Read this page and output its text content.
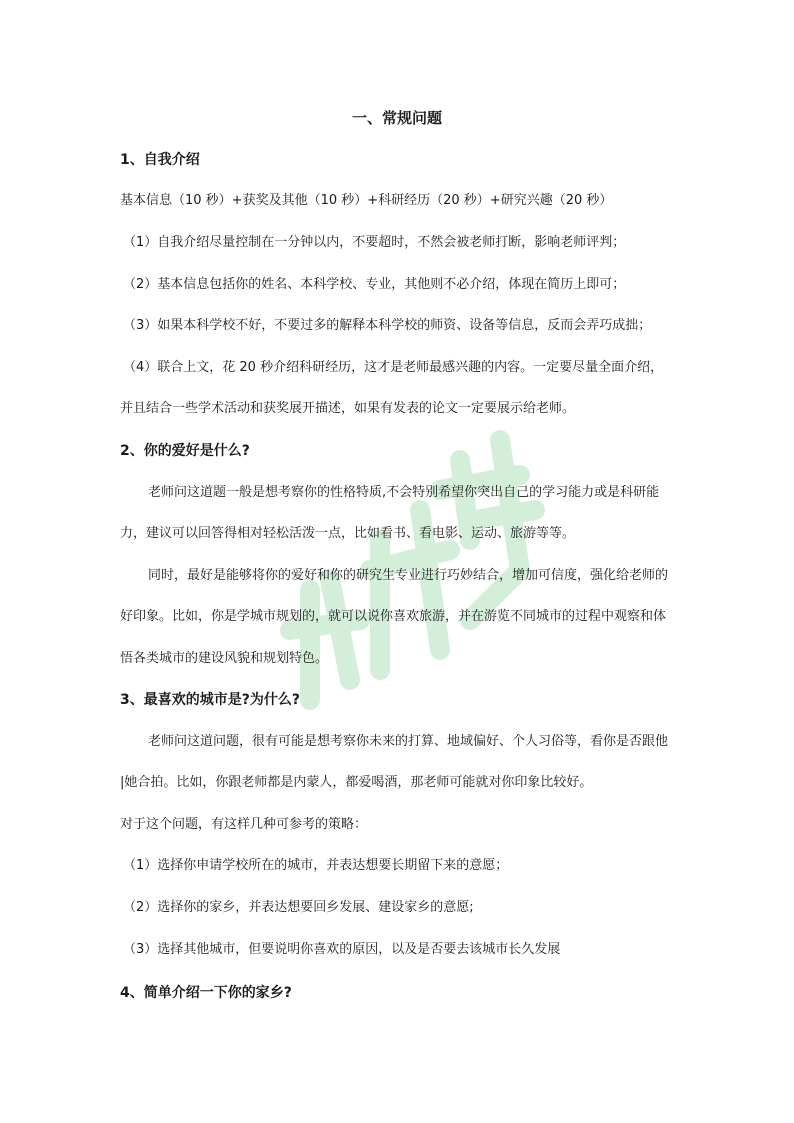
一、常规问题
1、自我介绍
基本信息（10 秒）+获奖及其他（10 秒）+科研经历（20 秒）+研究兴趣（20 秒）
（1）自我介绍尽量控制在一分钟以内，不要超时，不然会被老师打断，影响老师评判；
（2）基本信息包括你的姓名、本科学校、专业，其他则不必介绍，体现在简历上即可；
（3）如果本科学校不好，不要过多的解释本科学校的师资、设备等信息，反而会弄巧成拙；
（4）联合上文，花 20 秒介绍科研经历，这才是老师最感兴趣的内容。一定要尽量全面介绍，
并且结合一些学术活动和获奖展开描述，如果有发表的论文一定要展示给老师。
2、你的爱好是什么?
老师问这道题一般是想考察你的性格特质,不会特别希望你突出自己的学习能力或是科研能
力，建议可以回答得相对轻松活泼一点，比如看书、看电影、运动、旅游等等。
同时，最好是能够将你的爱好和你的研究生专业进行巧妙结合，增加可信度，强化给老师的
好印象。比如，你是学城市规划的，就可以说你喜欢旅游，并在游览不同城市的过程中观察和体
悟各类城市的建设风貌和规划特色。
3、最喜欢的城市是?为什么?
老师问这道问题，很有可能是想考察你未来的打算、地域偏好、个人习俗等，看你是否跟他
|她合拍。比如，你跟老师都是内蒙人，都爱喝酒，那老师可能就对你印象比较好。
对于这个问题，有这样几种可参考的策略：
（1）选择你申请学校所在的城市，并表达想要长期留下来的意愿；
（2）选择你的家乡，并表达想要回乡发展、建设家乡的意愿;
（3）选择其他城市，但要说明你喜欢的原因，以及是否要去该城市长久发展
4、简单介绍一下你的家乡?
